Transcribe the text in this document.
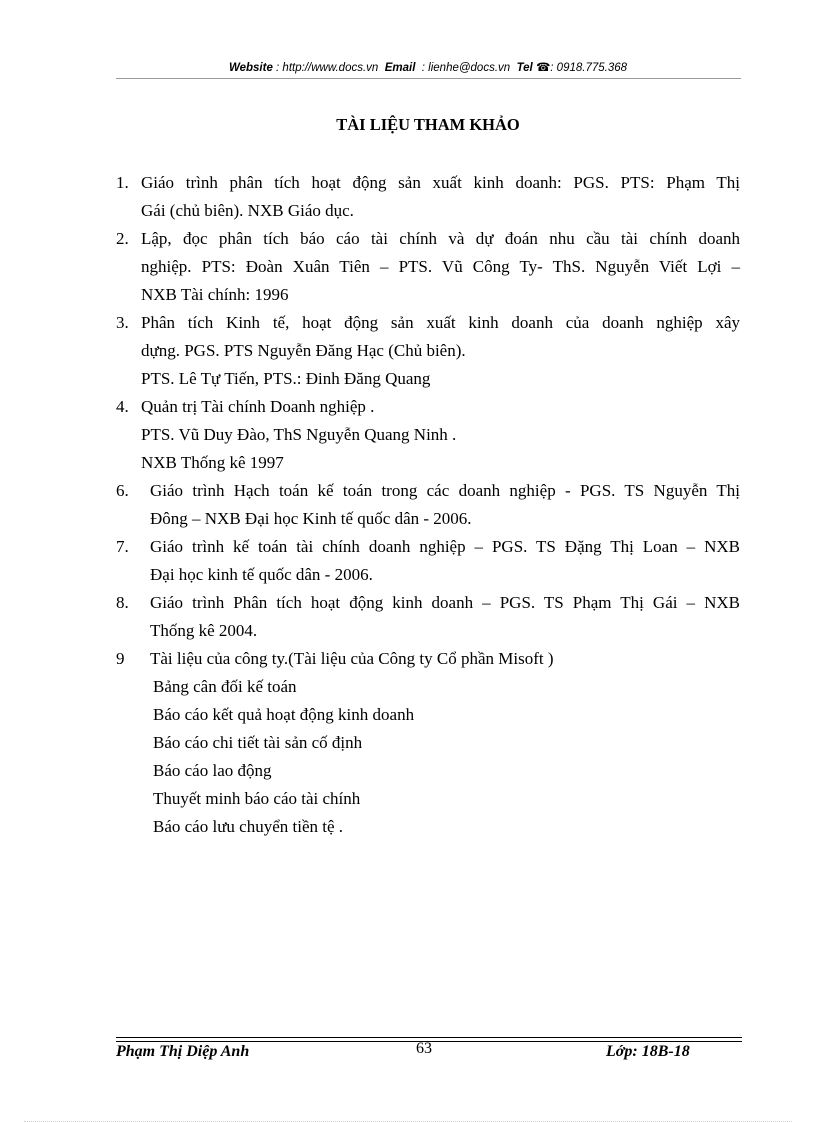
Website : http://www.docs.vn Email : lienhe@docs.vn Tel ☎: 0918.775.368
TÀI LIỆU THAM KHẢO
1. Giáo trình phân tích hoạt động sản xuất kinh doanh: PGS. PTS: Phạm Thị
Gái (chủ biên). NXB Giáo dục.
2. Lập, đọc phân tích báo cáo tài chính và dự đoán nhu cầu tài chính doanh
nghiệp. PTS: Đoàn Xuân Tiên – PTS. Vũ Công Ty- ThS. Nguyễn Viết Lợi –
NXB Tài chính: 1996
3. Phân tích Kinh tế, hoạt động sản xuất kinh doanh của doanh nghiệp xây
dựng. PGS. PTS Nguyễn Đăng Hạc (Chủ biên).
PTS. Lê Tự Tiến, PTS.: Đinh Đăng Quang
4. Quản trị Tài chính Doanh nghiệp .
PTS. Vũ Duy Đào, ThS Nguyễn Quang Ninh .
NXB Thống kê 1997
6. Giáo trình Hạch toán kế toán trong các doanh nghiệp - PGS. TS Nguyễn Thị
Đông – NXB Đại học Kinh tế quốc dân - 2006.
7. Giáo trình kế toán tài chính doanh nghiệp – PGS. TS Đặng Thị Loan – NXB
Đại học kinh tế quốc dân - 2006.
8. Giáo trình Phân tích hoạt động kinh doanh – PGS. TS Phạm Thị Gái – NXB
Thống kê 2004.
9 Tài liệu của công ty.(Tài liệu của Công ty Cổ phần Misoft )
Bảng cân đối kế toán
Báo cáo kết quả hoạt động kinh doanh
Báo cáo chi tiết tài sản cố định
Báo cáo lao động
Thuyết minh báo cáo tài chính
Báo cáo lưu chuyển tiền tệ .
Phạm Thị Diệp Anh	63	Lớp: 18B-18
